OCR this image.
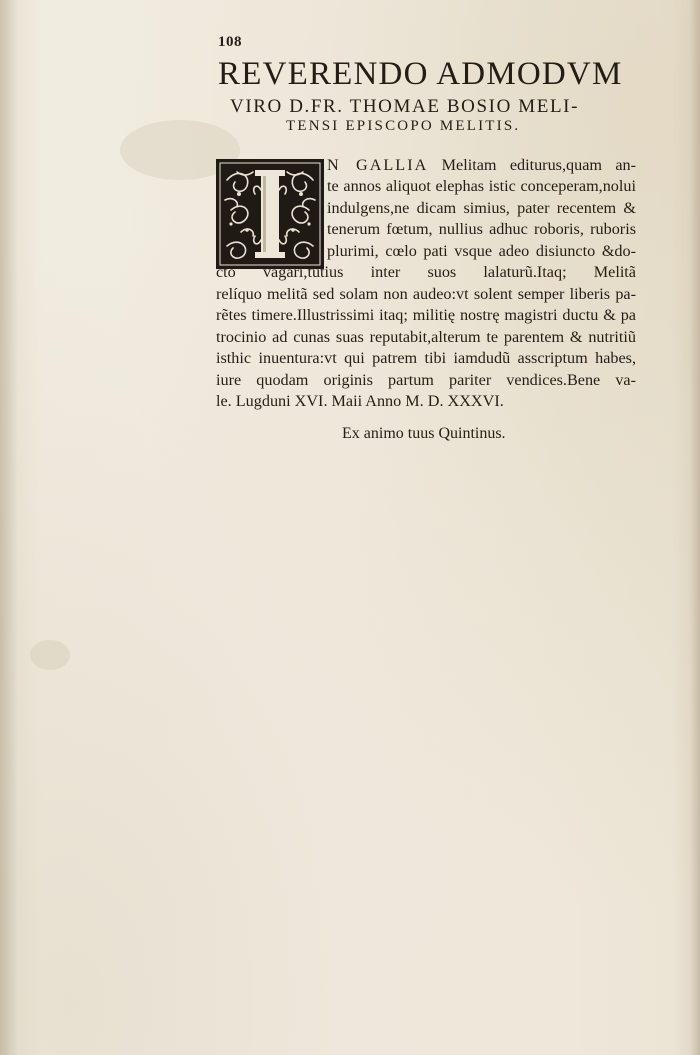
108
REVERENDO ADMODVM
VIRO D.FR. THOMAE BOSIO MELI-
TENSI EPISCOPO MELITIS.
N GALLIA Melitam editurus,quam an-
te annos aliquot elephas istic conceperam,nolui
indulgens,ne dicam simius, pater recentem &
tenerum fœtum, nullius adhuc roboris, ruboris
plurimi, cœlo pati vsque adeo disiuncto &do-
cto vagari,tutius inter suos lalaturũ.Itaq; Melitã
relíquo melitã sed solam non audeo:vt solent semper liberis pa-
rẽtes timere.Illustrissimi itaq; militię nostrę magistri ductu & pa
trocinio ad cunas suas reputabit,alterum te parentem & nutritiũ
isthic inuentura:vt qui patrem tibi iamdudũ asscriptum habes,
iure quodam originis partum pariter vendices.Bene va-
le. Lugduni XVI. Maii Anno M. D. XXXVI.
Ex animo tuus Quintinus.
